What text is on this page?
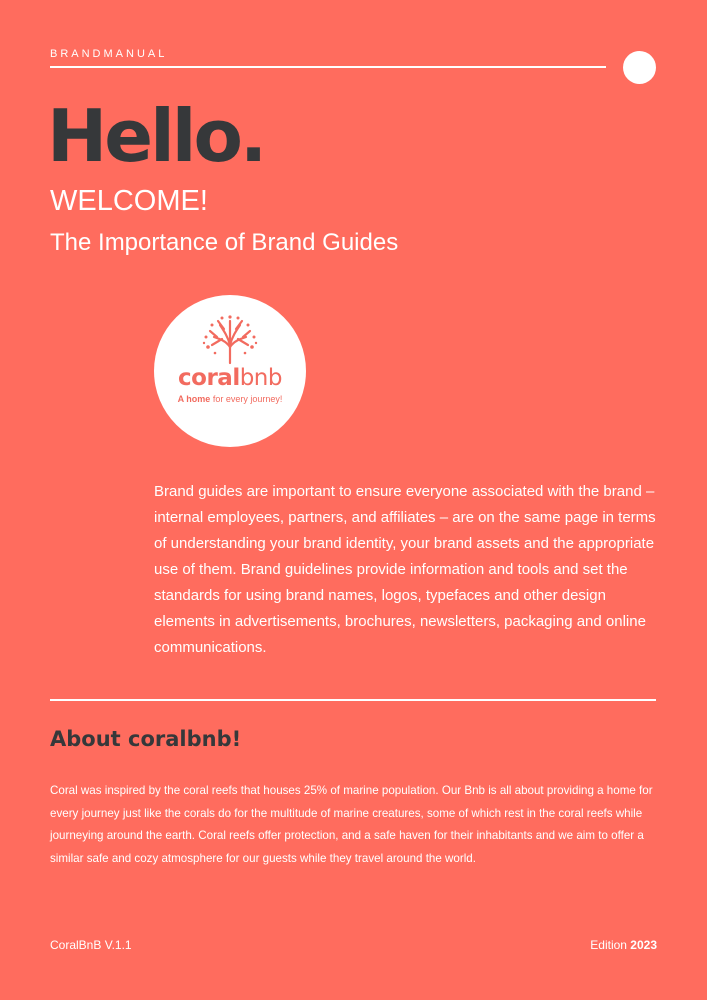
BRANDMANUAL
Hello.
WELCOME!
The Importance of Brand Guides
coralbnb
A home for every journey!

Brand guides are important to ensure everyone associated with the brand – internal employees, partners, and affiliates – are on the same page in terms of understanding your brand identity, your brand assets and the appropriate use of them. Brand guidelines provide information and tools and set the standards for using brand names, logos, typefaces and other design elements in advertisements, brochures, newsletters, packaging and online communications.

About coralbnb!

Coral was inspired by the coral reefs that houses 25% of marine population. Our Bnb is all about providing a home for every journey just like the corals do for the multitude of marine creatures, some of which rest in the coral reefs while journeying around the earth. Coral reefs offer protection, and a safe haven for their inhabitants and we aim to offer a similar safe and cozy atmosphere for our guests while they travel around the world.

CoralBnB V.1.1	Edition 2023
